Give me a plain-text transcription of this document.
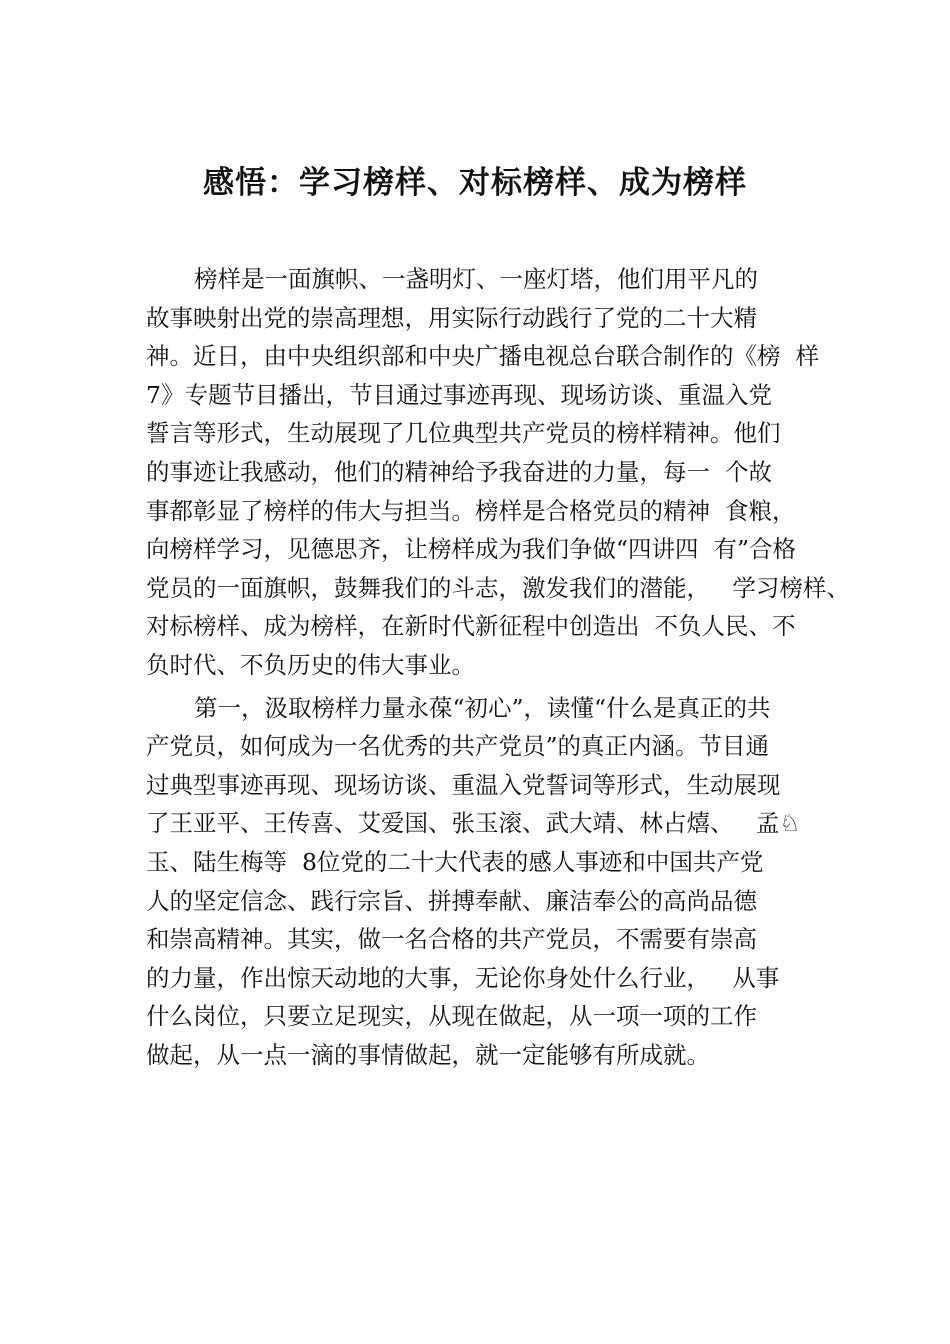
感悟：学习榜样、对标榜样、成为榜样
榜样是一面旗帜、一盏明灯、一座灯塔，他们用平凡的
故事映射出党的崇高理想，用实际行动践行了党的二十大精
神。近日，由中央组织部和中央广播电视总台联合制作的《榜  样
7》专题节目播出，节目通过事迹再现、现场访谈、重温入党
誓言等形式，生动展现了几位典型共产党员的榜样精神。他们
的事迹让我感动，他们的精神给予我奋进的力量，每一  个故
事都彰显了榜样的伟大与担当。榜样是合格党员的精神  食粮，
向榜样学习，见德思齐，让榜样成为我们争做“四讲四  有”合格
党员的一面旗帜，鼓舞我们的斗志，激发我们的潜能，   学习榜样、
对标榜样、成为榜样，在新时代新征程中创造出  不负人民、不
负时代、不负历史的伟大事业。
第一，汲取榜样力量永葆“初心”，读懂“什么是真正的共
产党员，如何成为一名优秀的共产党员”的真正内涵。节目通
过典型事迹再现、现场访谈、重温入党誓词等形式，生动展现
了王亚平、王传喜、艾爱国、张玉滚、武大靖、林占熺、   孟♘
玉、陆生梅等  8位党的二十大代表的感人事迹和中国共产党
人的坚定信念、践行宗旨、拼搏奉献、廉洁奉公的高尚品德
和崇高精神。其实，做一名合格的共产党员，不需要有崇高
的力量，作出惊天动地的大事，无论你身处什么行业，   从事
什么岗位，只要立足现实，从现在做起，从一项一项的工作
做起，从一点一滴的事情做起，就一定能够有所成就。
